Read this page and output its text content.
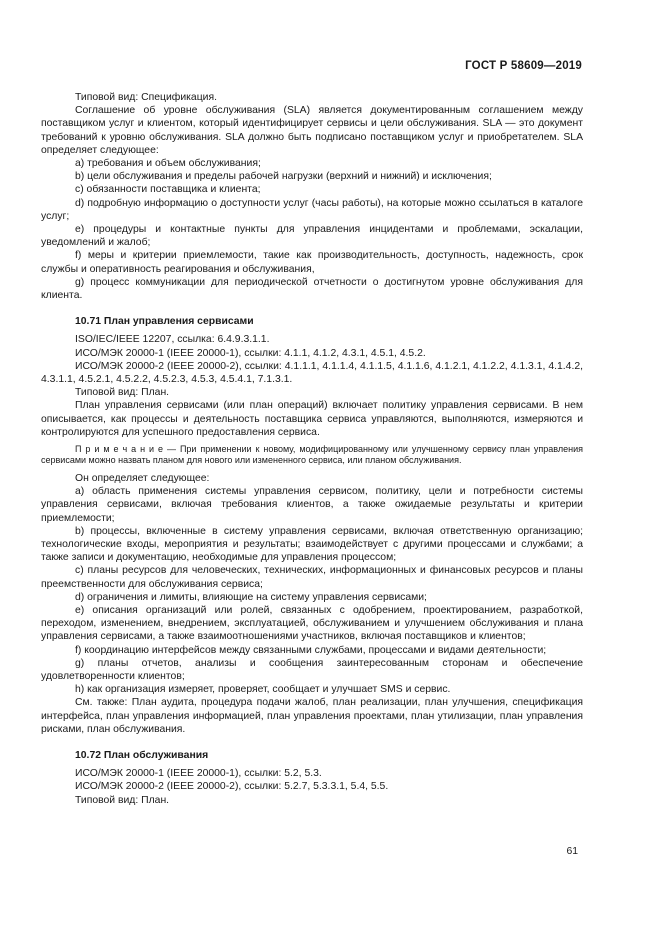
ГОСТ Р 58609—2019

Типовой вид: Спецификация.

Соглашение об уровне обслуживания (SLA) является документированным соглашением между поставщиком услуг и клиентом, который идентифицирует сервисы и цели обслуживания. SLA — это документ требований к уровню обслуживания. SLA должно быть подписано поставщиком услуг и приобретателем. SLA определяет следующее:

a) требования и объем обслуживания;

b) цели обслуживания и пределы рабочей нагрузки (верхний и нижний) и исключения;

c) обязанности поставщика и клиента;

d) подробную информацию о доступности услуг (часы работы), на которые можно ссылаться в каталоге услуг;

e) процедуры и контактные пункты для управления инцидентами и проблемами, эскалации, уведомлений и жалоб;

f) меры и критерии приемлемости, такие как производительность, доступность, надежность, срок службы и оперативность реагирования и обслуживания,

g) процесс коммуникации для периодической отчетности о достигнутом уровне обслуживания для клиента.

10.71 План управления сервисами

ISO/IEC/IEEE 12207, ссылка: 6.4.9.3.1.1.

ИСО/МЭК 20000-1 (IEEE 20000-1), ссылки: 4.1.1, 4.1.2, 4.3.1, 4.5.1, 4.5.2.

ИСО/МЭК 20000-2 (IEEE 20000-2), ссылки: 4.1.1.1, 4.1.1.4, 4.1.1.5, 4.1.1.6, 4.1.2.1, 4.1.2.2, 4.1.3.1, 4.1.4.2, 4.3.1.1, 4.5.2.1, 4.5.2.2, 4.5.2.3, 4.5.3, 4.5.4.1, 7.1.3.1.

Типовой вид: План.

План управления сервисами (или план операций) включает политику управления сервисами. В нем описывается, как процессы и деятельность поставщика сервиса управляются, выполняются, измеряются и контролируются для успешного предоставления сервиса.

П р и м е ч а н и е — При применении к новому, модифицированному или улучшенному сервису план управления сервисами можно назвать планом для нового или измененного сервиса, или планом обслуживания.

Он определяет следующее:

a) область применения системы управления сервисом, политику, цели и потребности системы управления сервисами, включая требования клиентов, а также ожидаемые результаты и критерии приемлемости;

b) процессы, включенные в систему управления сервисами, включая ответственную организацию; технологические входы, мероприятия и результаты; взаимодействует с другими процессами и службами; а также записи и документацию, необходимые для управления процессом;

c) планы ресурсов для человеческих, технических, информационных и финансовых ресурсов и планы преемственности для обслуживания сервиса;

d) ограничения и лимиты, влияющие на систему управления сервисами;

e) описания организаций или ролей, связанных с одобрением, проектированием, разработкой, переходом, изменением, внедрением, эксплуатацией, обслуживанием и улучшением обслуживания и плана управления сервисами, а также взаимоотношениями участников, включая поставщиков и клиентов;

f) координацию интерфейсов между связанными службами, процессами и видами деятельности;

g) планы отчетов, анализы и сообщения заинтересованным сторонам и обеспечение удовлетворенности клиентов;

h) как организация измеряет, проверяет, сообщает и улучшает SMS и сервис.

См. также: План аудита, процедура подачи жалоб, план реализации, план улучшения, спецификация интерфейса, план управления информацией, план управления проектами, план утилизации, план управления рисками, план обслуживания.

10.72 План обслуживания

ИСО/МЭК 20000-1 (IEEE 20000-1), ссылки: 5.2, 5.3.

ИСО/МЭК 20000-2 (IEEE 20000-2), ссылки: 5.2.7, 5.3.3.1, 5.4, 5.5.

Типовой вид: План.

61
